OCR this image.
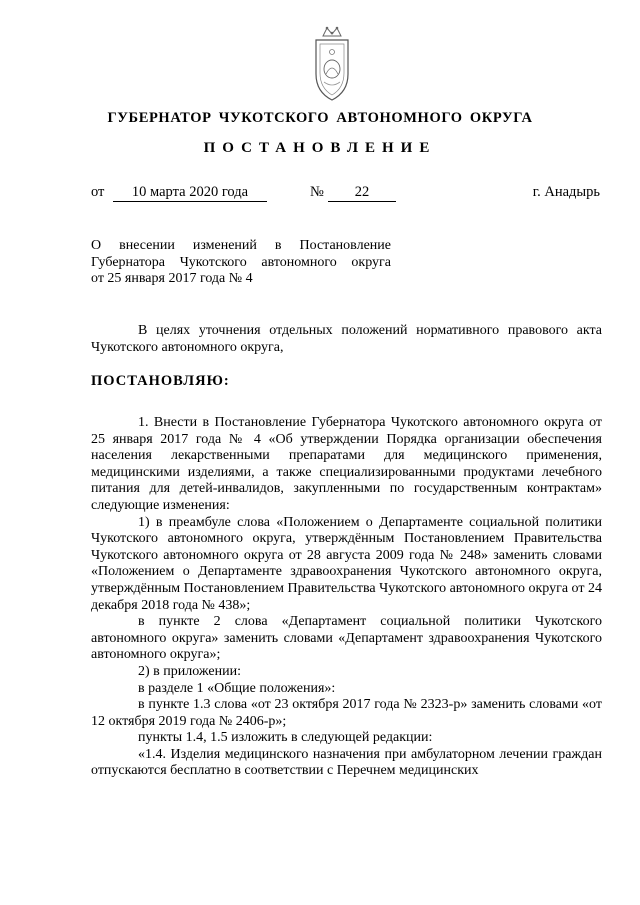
ГУБЕРНАТОР ЧУКОТСКОГО АВТОНОМНОГО ОКРУГА
ПОСТАНОВЛЕНИЕ
от	10 марта 2020 года	№	22	г. Анадырь
О внесении изменений в Постановление
Губернатора Чукотского автономного округа
от 25 января 2017 года № 4

В целях уточнения отдельных положений нормативного правового акта Чукотского автономного округа,

ПОСТАНОВЛЯЮ:

1. Внести в Постановление Губернатора Чукотского автономного округа от 25 января 2017 года № 4 «Об утверждении Порядка организации обеспечения населения лекарственными препаратами для медицинского применения, медицинскими изделиями, а также специализированными продуктами лечебного питания для детей-инвалидов, закупленными по государственным контрактам» следующие изменения:

1) в преамбуле слова «Положением о Департаменте социальной политики Чукотского автономного округа, утверждённым Постановлением Правительства Чукотского автономного округа от 28 августа 2009 года № 248» заменить словами «Положением о Департаменте здравоохранения Чукотского автономного округа, утверждённым Постановлением Правительства Чукотского автономного округа от 24 декабря 2018 года № 438»;

в пункте 2 слова «Департамент социальной политики Чукотского автономного округа» заменить словами «Департамент здравоохранения Чукотского автономного округа»;

2) в приложении:

в разделе 1 «Общие положения»:

в пункте 1.3 слова «от 23 октября 2017 года № 2323-р» заменить словами «от 12 октября 2019 года № 2406-р»;

пункты 1.4, 1.5 изложить в следующей редакции:

«1.4. Изделия медицинского назначения при амбулаторном лечении граждан отпускаются бесплатно в соответствии с Перечнем медицинских
